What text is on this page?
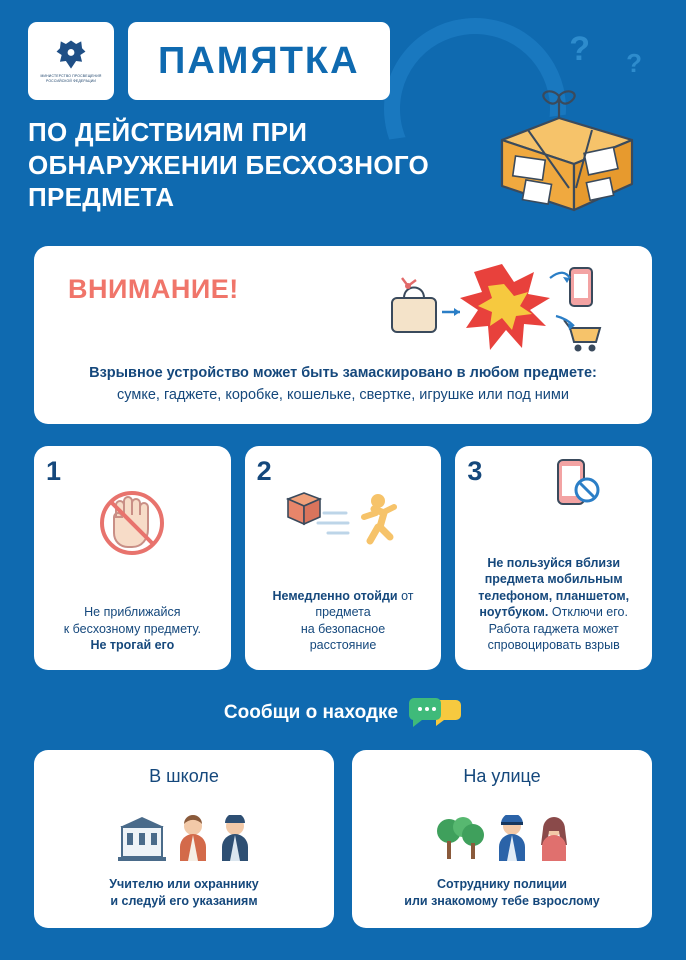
? ?
МИНИСТЕРСТВО ПРОСВЕЩЕНИЯ РОССИЙСКОЙ ФЕДЕРАЦИИ	ПАМЯТКА
ПО ДЕЙСТВИЯМ ПРИ ОБНАРУЖЕНИИ БЕСХОЗНОГО ПРЕДМЕТА
ВНИМАНИЕ!
Взрывное устройство может быть замаскировано в любом предмете:
сумке, гаджете, коробке, кошельке, свертке, игрушке или под ними
1
Не приближайся
к бесхозному предмету.
Не трогай его
2
Немедленно отойди от предмета
на безопасное
расстояние
3
Не пользуйся вблизи предмета мобильным телефоном, планшетом, ноутбуком. Отключи его. Работа гаджета может спровоцировать взрыв
Сообщи о находке
В школе
Учителю или охраннику
и следуй его указаниям
На улице
Сотруднику полиции
или знакомому тебе взрослому
